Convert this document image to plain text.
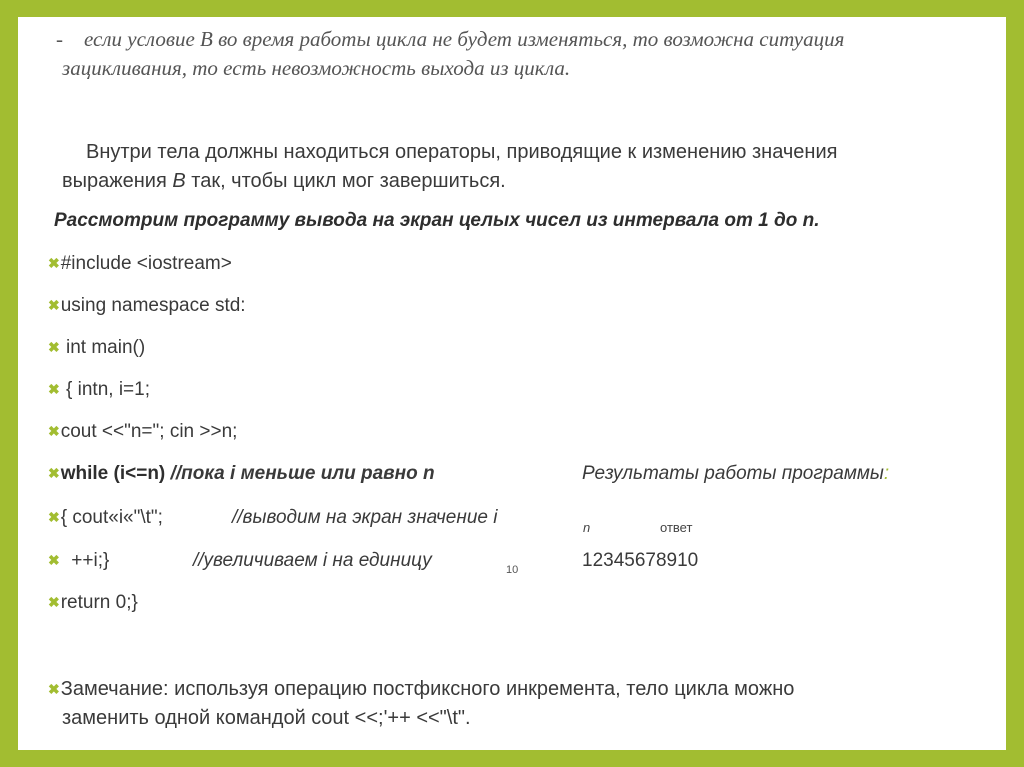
- если условие B во время работы цикла не будет изменяться, то возможна ситуация
зацикливания, то есть невозможность выхода из цикла.
Внутри тела должны находиться операторы, приводящие к изменению значения
выражения B так, чтобы цикл мог завершиться.
Рассмотрим программу вывода на экран целых чисел из интервала от 1 до n.
✖#include <iostream>
✖using namespace std:
✖ int main()
✖ { intn, i=1;
✖cout <<"n="; cin >>n;
✖while (i<=n) //пока i меньше или равно n
✖{ cout«i«"\t";	//выводим на экран значение i
✖  ++i;}	//увеличиваем i на единицу
✖return 0;}
Результаты работы программы:
n	ответ
10	12345678910
✖Замечание: используя операцию постфиксного инкремента, тело цикла можно
заменить одной командой cout <<;'++ <<"\t".
